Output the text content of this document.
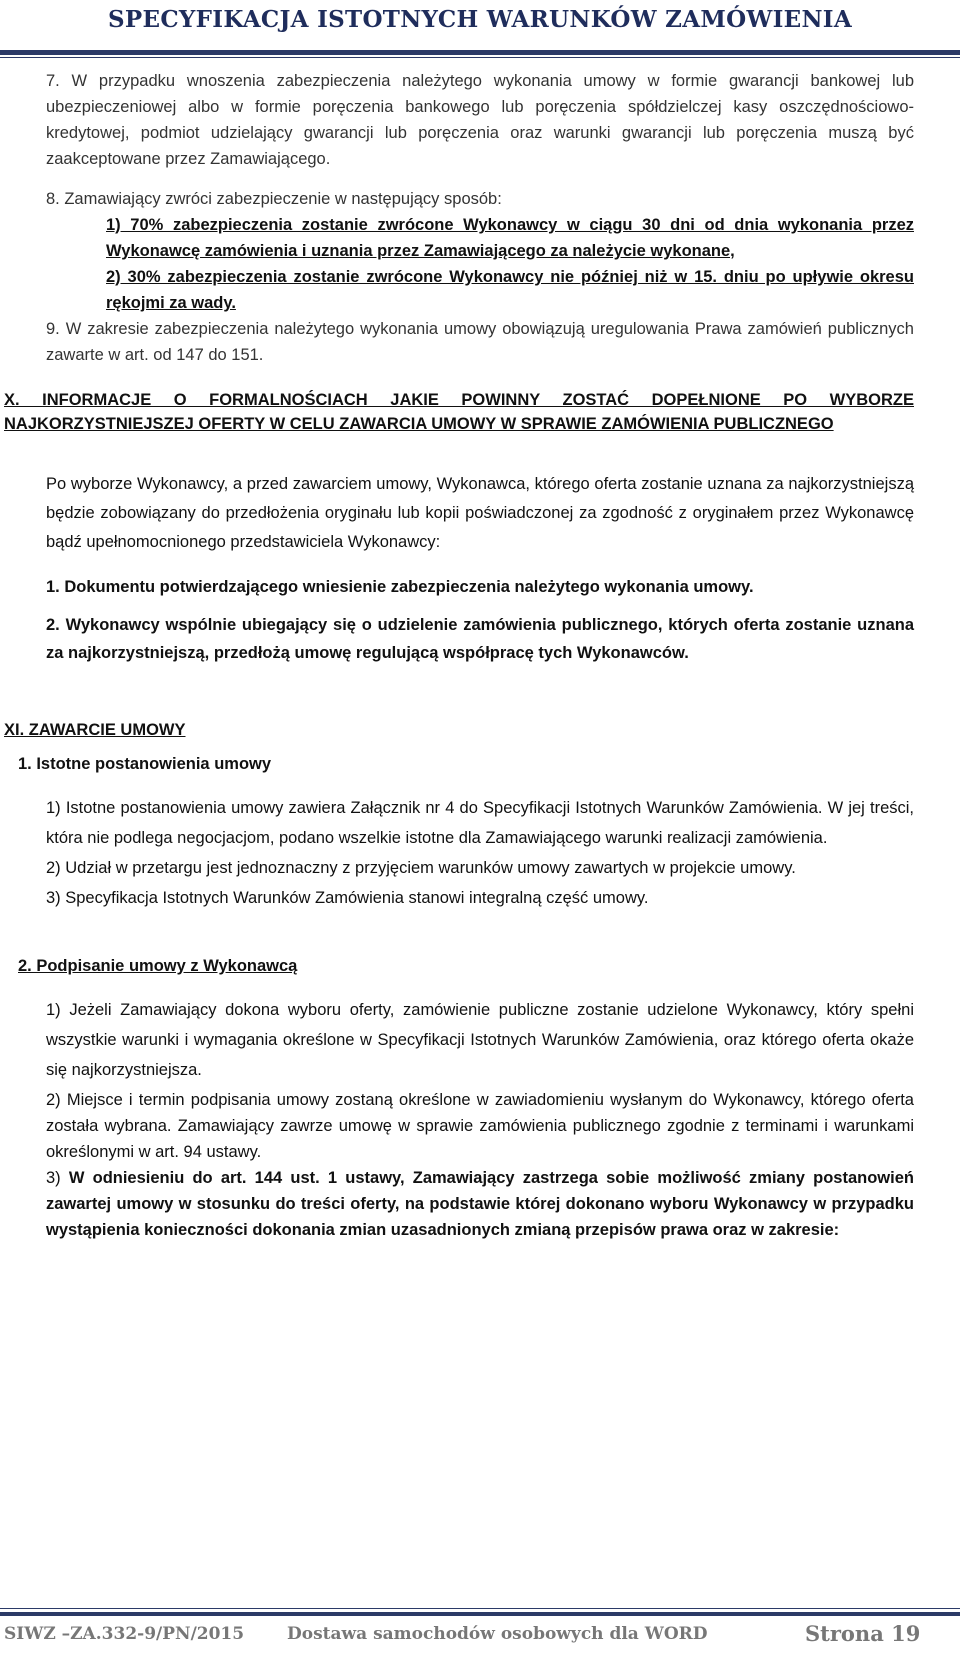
SPECYFIKACJA ISTOTNYCH WARUNKÓW ZAMÓWIENIA

7. W przypadku wnoszenia zabezpieczenia należytego wykonania umowy w formie gwarancji bankowej lub ubezpieczeniowej albo w formie poręczenia bankowego lub poręczenia spółdzielczej kasy oszczędnościowo-kredytowej, podmiot udzielający gwarancji lub poręczenia oraz warunki gwarancji lub poręczenia muszą być zaakceptowane przez Zamawiającego.

8. Zamawiający zwróci zabezpieczenie w następujący sposób:

1) 70% zabezpieczenia zostanie zwrócone Wykonawcy w ciągu 30 dni od dnia wykonania przez Wykonawcę zamówienia i uznania przez Zamawiającego za należycie wykonane,

2) 30% zabezpieczenia zostanie zwrócone Wykonawcy nie później niż w 15. dniu po upływie okresu rękojmi za wady.

9. W zakresie zabezpieczenia należytego wykonania umowy obowiązują uregulowania Prawa zamówień publicznych zawarte w art. od 147 do 151.

X. INFORMACJE O FORMALNOŚCIACH JAKIE POWINNY ZOSTAĆ DOPEŁNIONE PO WYBORZE NAJKORZYSTNIEJSZEJ OFERTY W CELU ZAWARCIA UMOWY W SPRAWIE ZAMÓWIENIA PUBLICZNEGO

Po wyborze Wykonawcy, a przed zawarciem umowy, Wykonawca, którego oferta zostanie uznana za najkorzystniejszą będzie zobowiązany do przedłożenia oryginału lub kopii poświadczonej za zgodność z oryginałem przez Wykonawcę bądź upełnomocnionego przedstawiciela Wykonawcy:

1. Dokumentu potwierdzającego wniesienie zabezpieczenia należytego wykonania umowy.

2. Wykonawcy wspólnie ubiegający się o udzielenie zamówienia publicznego, których oferta zostanie uznana za najkorzystniejszą, przedłożą umowę regulującą współpracę tych Wykonawców.

XI. ZAWARCIE UMOWY

1. Istotne postanowienia umowy

1) Istotne postanowienia umowy zawiera Załącznik nr 4 do Specyfikacji Istotnych Warunków Zamówienia. W jej treści, która nie podlega negocjacjom, podano wszelkie istotne dla Zamawiającego warunki realizacji zamówienia.

2) Udział w przetargu jest jednoznaczny z przyjęciem warunków umowy zawartych w projekcie umowy.

3) Specyfikacja Istotnych Warunków Zamówienia stanowi integralną część umowy.

2. Podpisanie umowy z Wykonawcą

1) Jeżeli Zamawiający dokona wyboru oferty, zamówienie publiczne zostanie udzielone Wykonawcy, który spełni wszystkie warunki i wymagania określone w Specyfikacji Istotnych Warunków Zamówienia, oraz którego oferta okaże się najkorzystniejsza.

2) Miejsce i termin podpisania umowy zostaną określone w zawiadomieniu wysłanym do Wykonawcy, którego oferta została wybrana. Zamawiający zawrze umowę w sprawie zamówienia publicznego zgodnie z terminami i warunkami określonymi w art. 94 ustawy.

3) W odniesieniu do art. 144 ust. 1 ustawy, Zamawiający zastrzega sobie możliwość zmiany postanowień zawartej umowy w stosunku do treści oferty, na podstawie której dokonano wyboru Wykonawcy w przypadku wystąpienia konieczności dokonania zmian uzasadnionych zmianą przepisów prawa oraz w zakresie:

SIWZ –ZA.332-9/PN/2015	Dostawa samochodów osobowych dla WORD	Strona 19
